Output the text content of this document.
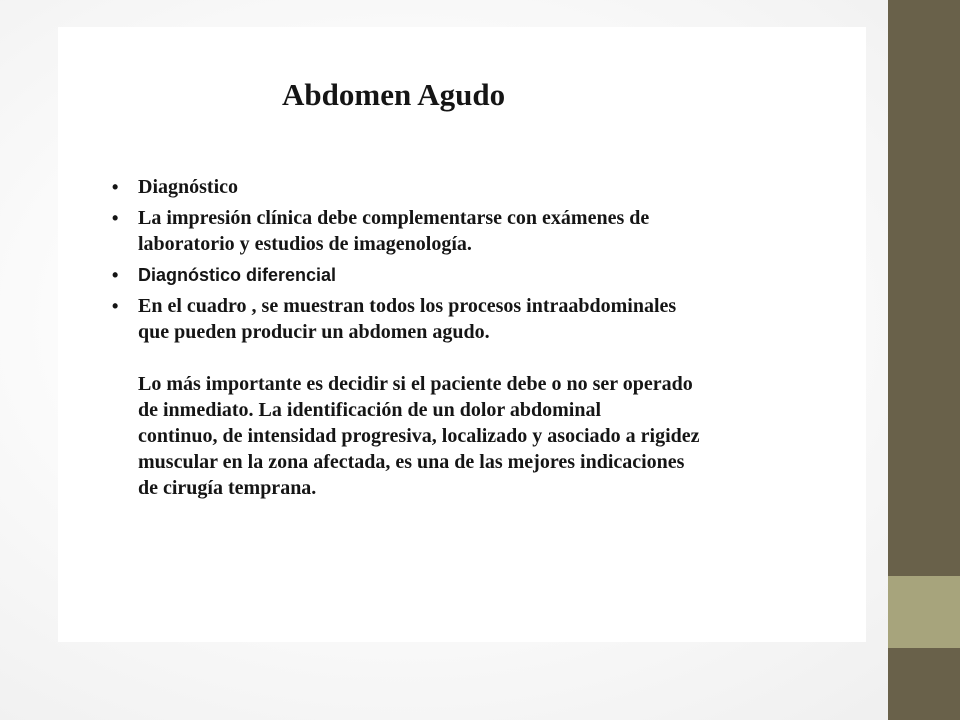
Abdomen Agudo
• Diagnóstico
• La impresión clínica debe complementarse con exámenes de
laboratorio y estudios de imagenología.
• Diagnóstico diferencial
• En el cuadro , se muestran todos los procesos intraabdominales
que pueden producir un abdomen agudo.
Lo más importante es decidir si el paciente debe o no ser operado
de inmediato. La identificación de un dolor abdominal
continuo, de intensidad progresiva, localizado y asociado a rigidez
muscular en la zona afectada, es una de las mejores indicaciones
de cirugía temprana.
